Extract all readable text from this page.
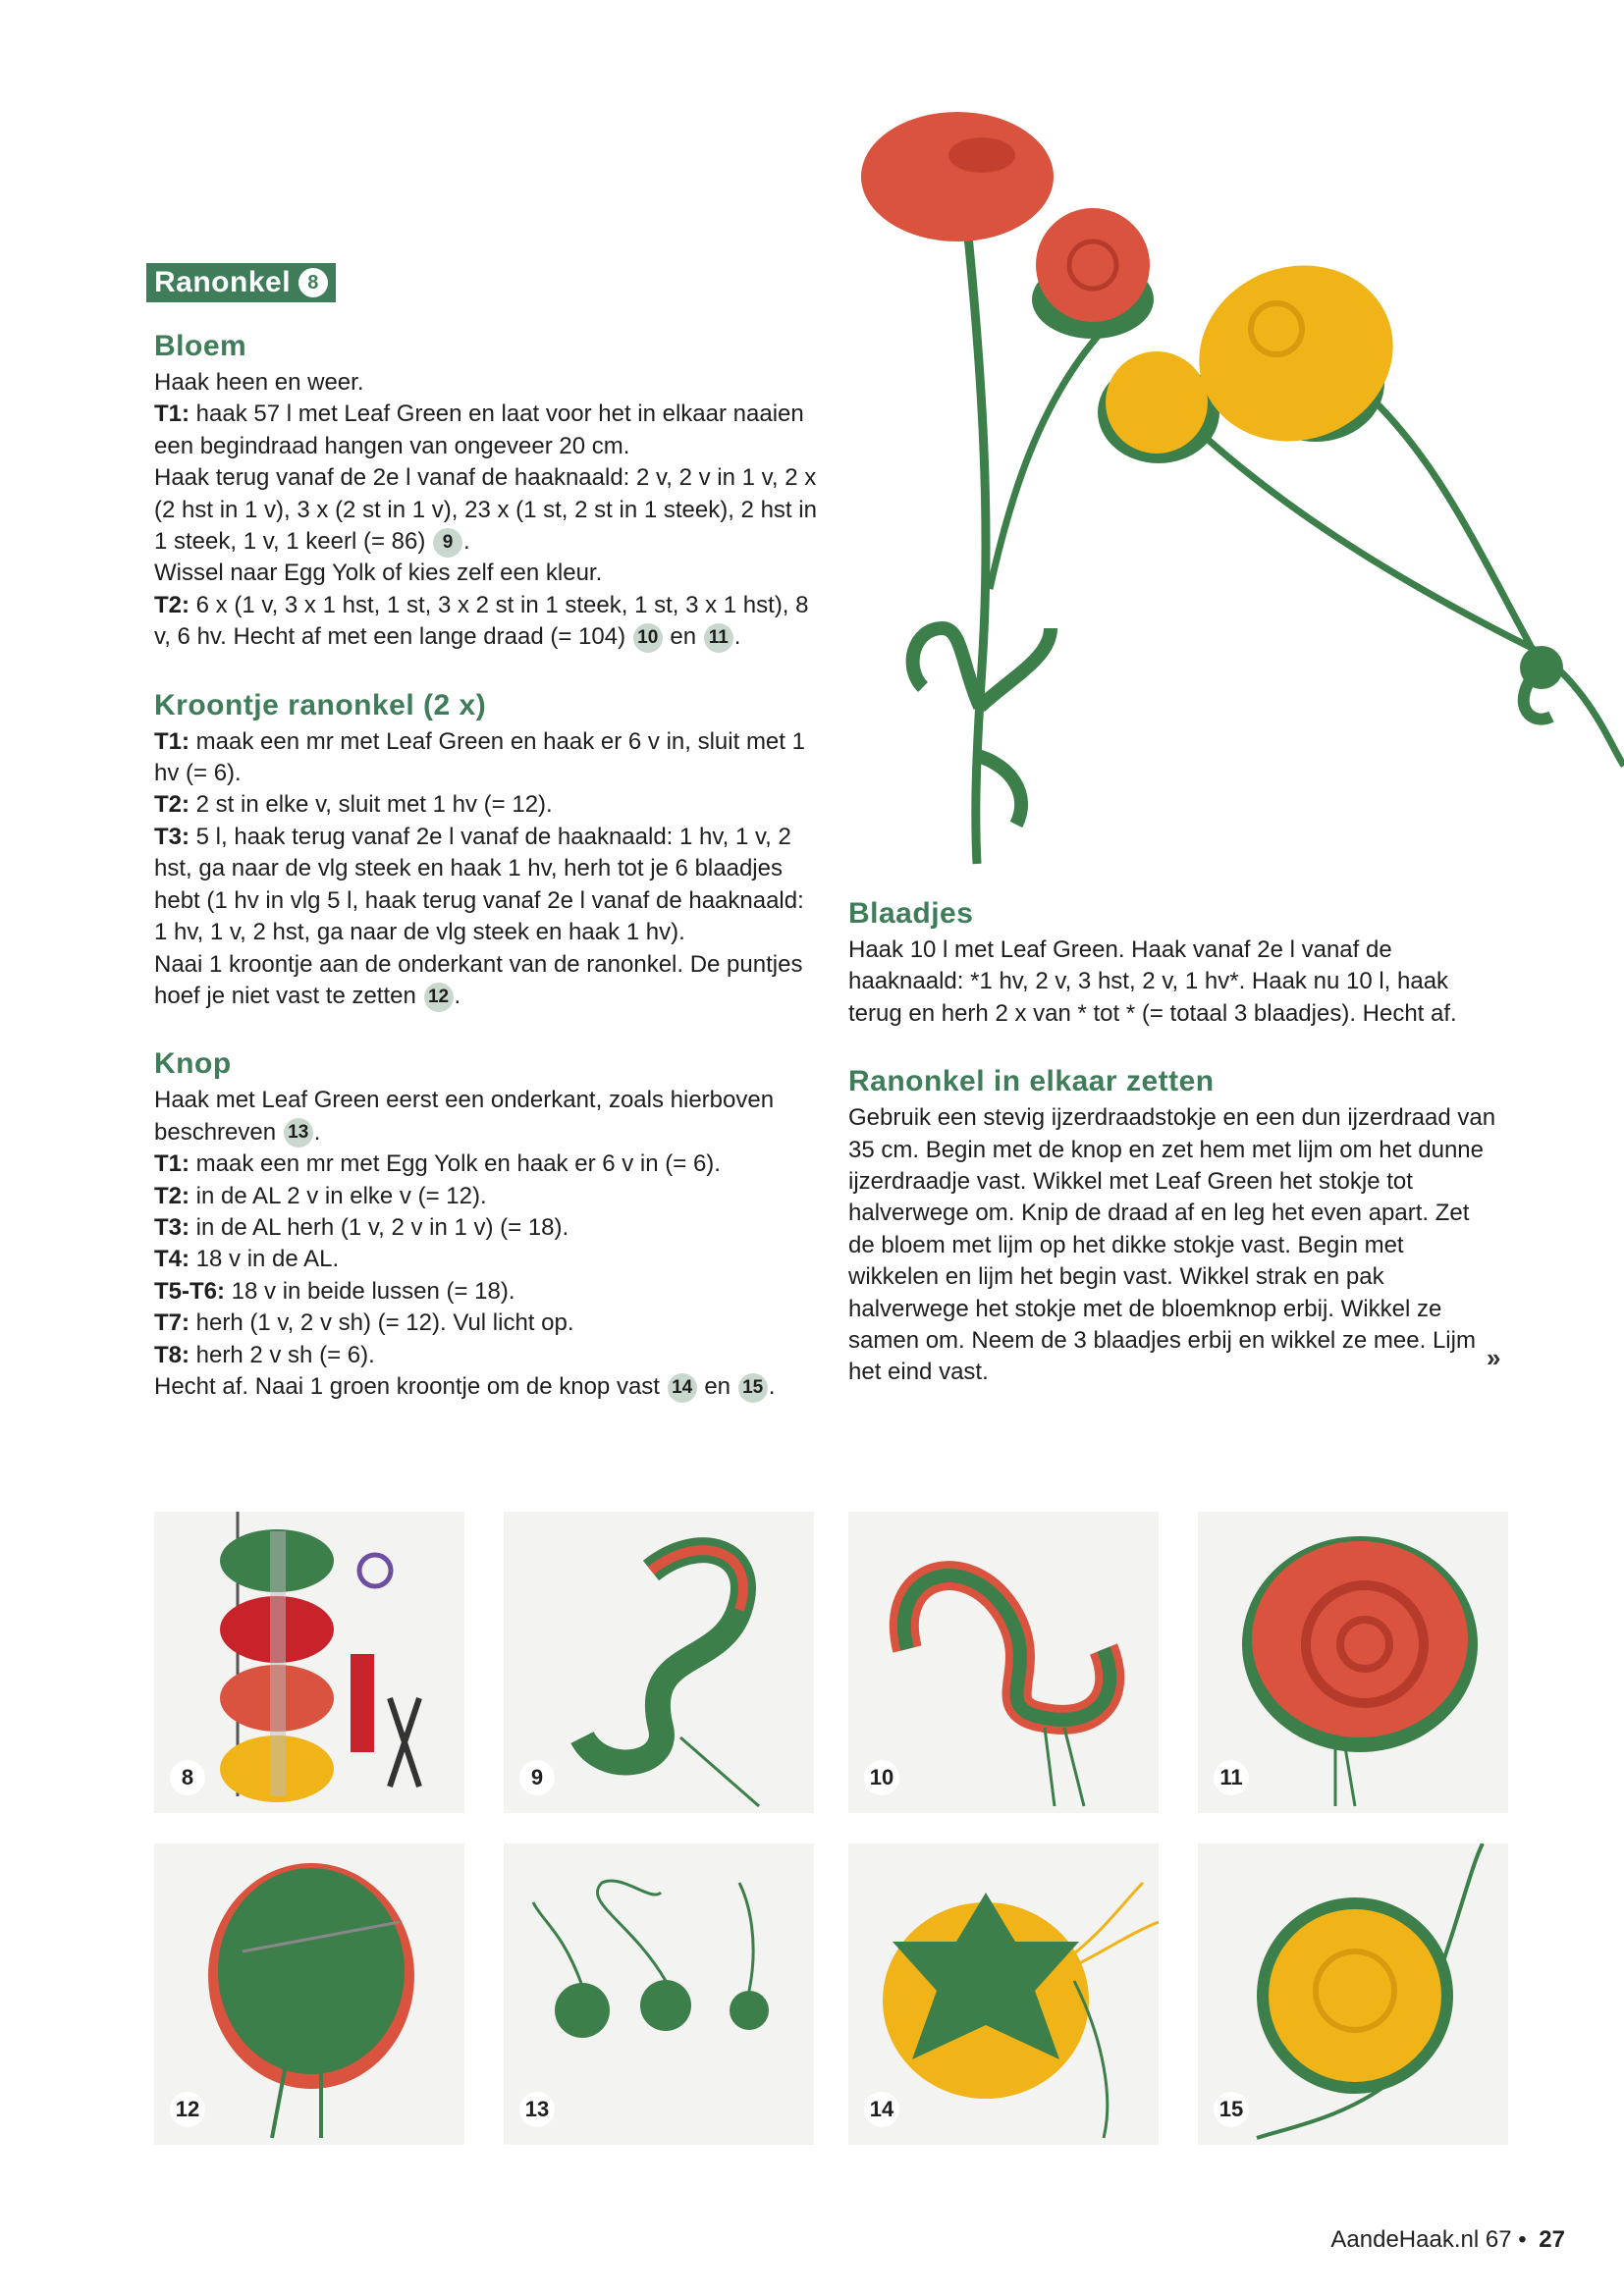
Ranonkel 8
Bloem

Haak heen en weer.

T1: haak 57 l met Leaf Green en laat voor het in elkaar naaien een begindraad hangen van ongeveer 20 cm.

Haak terug vanaf de 2e l vanaf de haaknaald: 2 v, 2 v in 1 v, 2 x (2 hst in 1 v), 3 x (2 st in 1 v), 23 x (1 st, 2 st in 1 steek), 2 hst in 1 steek, 1 v, 1 keerl (= 86) 9 .

Wissel naar Egg Yolk of kies zelf een kleur.

T2: 6 x (1 v, 3 x 1 hst, 1 st, 3 x 2 st in 1 steek, 1 st, 3 x 1 hst), 8 v, 6 hv. Hecht af met een lange draad (= 104) 10 en 11 .

Kroontje ranonkel (2 x)

T1: maak een mr met Leaf Green en haak er 6 v in, sluit met 1 hv (= 6).

T2: 2 st in elke v, sluit met 1 hv (= 12).

T3: 5 l, haak terug vanaf 2e l vanaf de haaknaald: 1 hv, 1 v, 2 hst, ga naar de vlg steek en haak 1 hv, herh tot je 6 blaadjes hebt (1 hv in vlg 5 l, haak terug vanaf 2e l vanaf de haaknaald: 1 hv, 1 v, 2 hst, ga naar de vlg steek en haak 1 hv).

Naai 1 kroontje aan de onderkant van de ranonkel. De puntjes hoef je niet vast te zetten 12 .

Knop

Haak met Leaf Green eerst een onderkant, zoals hierboven beschreven 13 .

T1: maak een mr met Egg Yolk en haak er 6 v in (= 6).

T2: in de AL 2 v in elke v (= 12).

T3: in de AL herh (1 v, 2 v in 1 v) (= 18).

T4: 18 v in de AL.

T5-T6: 18 v in beide lussen (= 18).

T7: herh (1 v, 2 v sh) (= 12). Vul licht op.

T8: herh 2 v sh (= 6).

Hecht af. Naai 1 groen kroontje om de knop vast 14 en 15 .

Blaadjes

Haak 10 l met Leaf Green. Haak vanaf 2e l vanaf de haaknaald: *1 hv, 2 v, 3 hst, 2 v, 1 hv*. Haak nu 10 l, haak terug en herh 2 x van * tot * (= totaal 3 blaadjes). Hecht af.

Ranonkel in elkaar zetten

Gebruik een stevig ijzerdraadstokje en een dun ijzerdraad van 35 cm. Begin met de knop en zet hem met lijm om het dunne ijzerdraadje vast. Wikkel met Leaf Green het stokje tot halverwege om. Knip de draad af en leg het even apart. Zet de bloem met lijm op het dikke stokje vast. Begin met wikkelen en lijm het begin vast. Wikkel strak en pak halverwege het stokje met de bloemknop erbij. Wikkel ze samen om. Neem de 3 blaadjes erbij en wikkel ze mee. Lijm het eind vast.	»
8	9	10	11
12	13	14	15
AandeHaak.nl 67 • 27
